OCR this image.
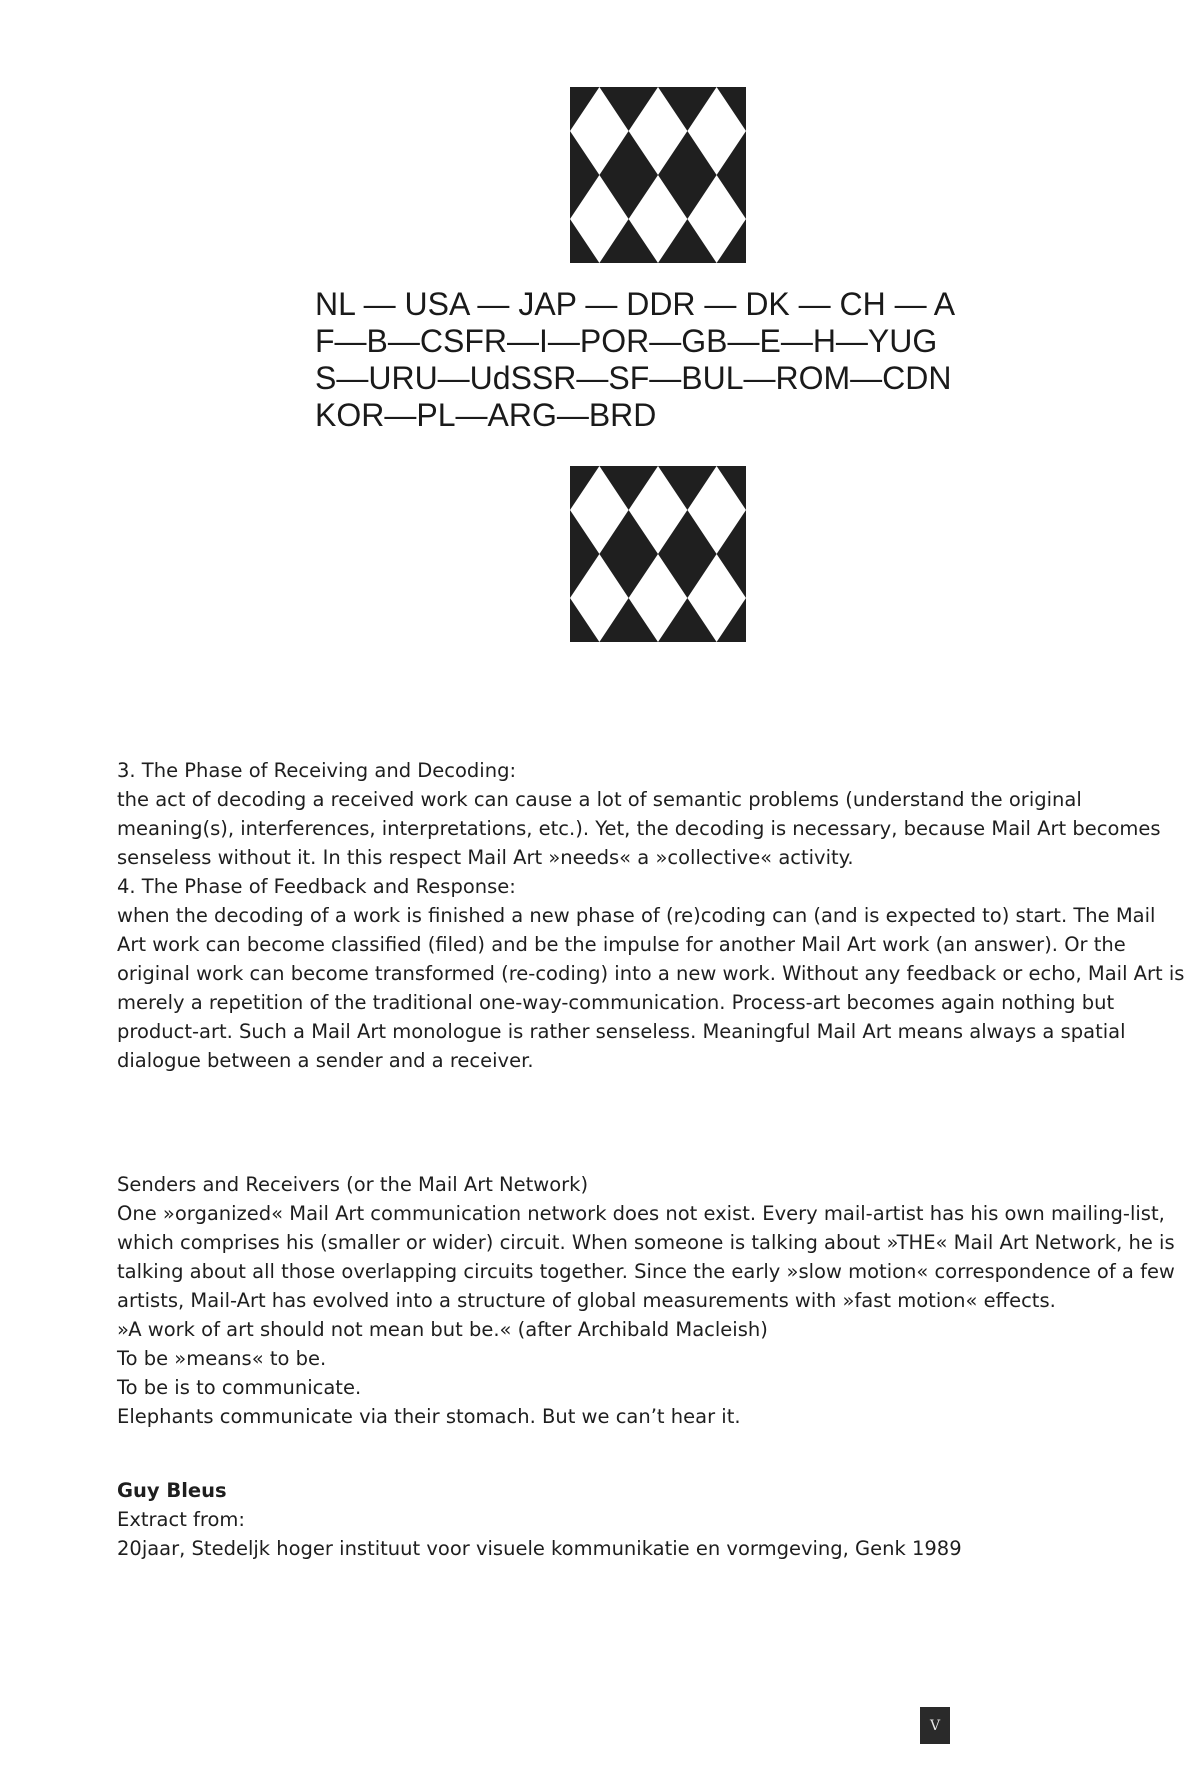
NL — USA — JAP — DDR — DK — CH — A
F—B—CSFR—I—POR—GB—E—H—YUG
S—URU—UdSSR—SF—BUL—ROM—CDN
KOR—PL—ARG—BRD

3. The Phase of Receiving and Decoding:

the act of decoding a received work can cause a lot of semantic problems (understand the original meaning(s), interferences, interpretations, etc.). Yet, the decoding is necessary, because Mail Art becomes senseless without it. In this respect Mail Art »needs« a »collective« activity.

4. The Phase of Feedback and Response:

when the decoding of a work is finished a new phase of (re)coding can (and is expected to) start. The Mail Art work can become classified (filed) and be the impulse for another Mail Art work (an answer). Or the original work can become transformed (re-coding) into a new work. Without any feedback or echo, Mail Art is merely a repetition of the traditional one-way-communication. Process-art becomes again nothing but product-art. Such a Mail Art monologue is rather senseless. Meaningful Mail Art means always a spatial dialogue between a sender and a receiver.

Senders and Receivers (or the Mail Art Network)

One »organized« Mail Art communication network does not exist. Every mail-artist has his own mailing-list, which comprises his (smaller or wider) circuit. When someone is talking about »THE« Mail Art Network, he is talking about all those overlapping circuits together. Since the early »slow motion« correspondence of a few artists, Mail-Art has evolved into a structure of global measurements with »fast motion« effects.

»A work of art should not mean but be.« (after Archibald Macleish)

To be »means« to be.

To be is to communicate.

Elephants communicate via their stomach. But we can’t hear it.

Guy Bleus

Extract from:

20jaar, Stedeljk hoger instituut voor visuele kommunikatie en vormgeving, Genk 1989

V
